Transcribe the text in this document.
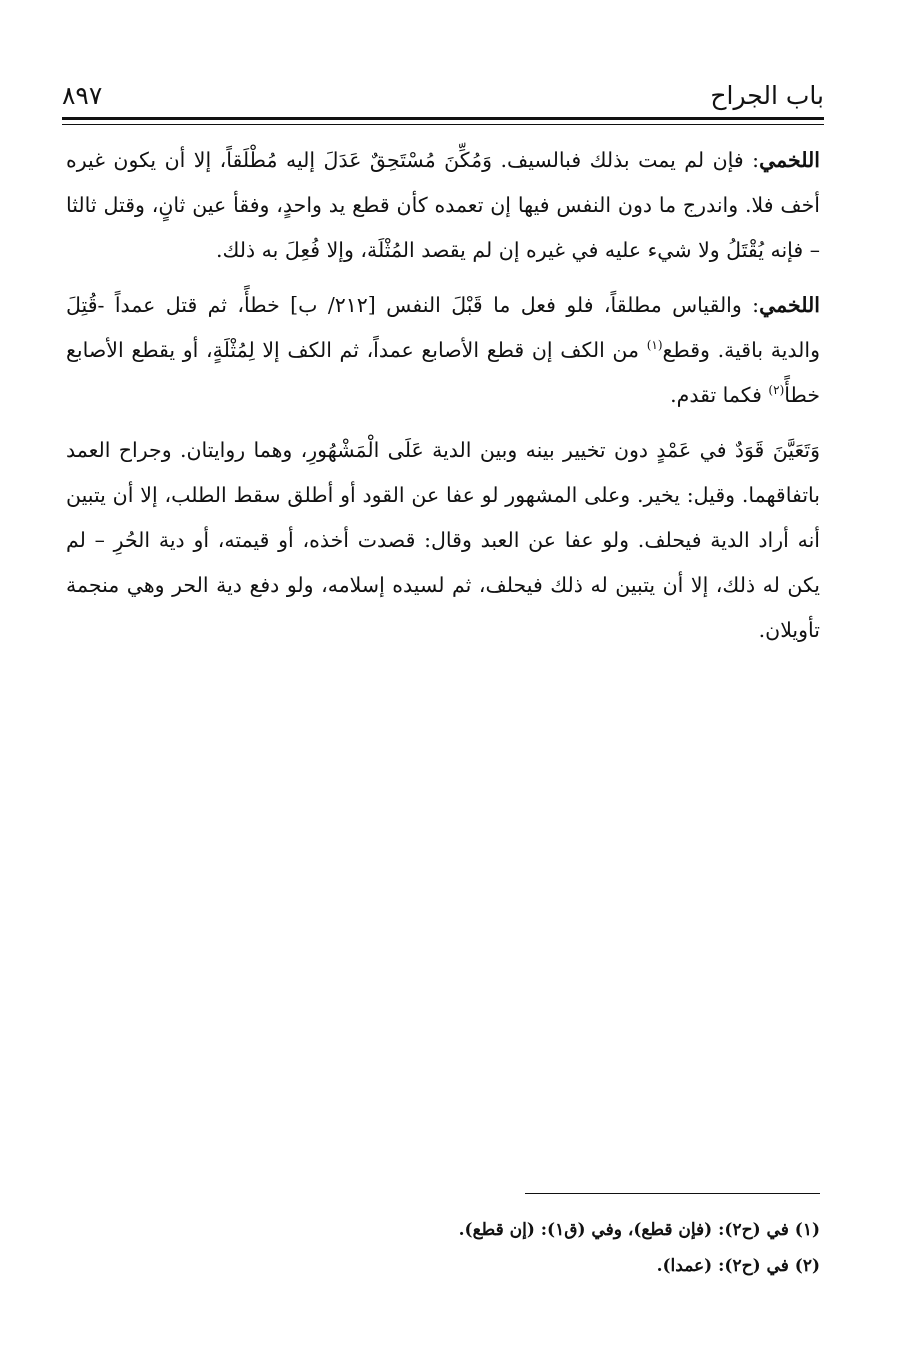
باب الجراح
٨٩٧

اللخمي: فإن لم يمت بذلك فبالسيف. وَمُكِّنَ مُسْتَحِقٌ عَدَلَ إليه مُطْلَقاً، إلا أن يكون غيره أخف فلا. واندرج ما دون النفس فيها إن تعمده كأن قطع يد واحدٍ، وفقأ عين ثانٍ، وقتل ثالثا – فإنه يُقْتَلُ ولا شيء عليه في غيره إن لم يقصد المُثْلَة، وإلا فُعِلَ به ذلك.

اللخمي: والقياس مطلقاً، فلو فعل ما قَبْلَ النفس [٢١٢/ ب] خطأً، ثم قتل عمداً -قُتِلَ والدية باقية. وقطع$^{(١)}$ من الكف إن قطع الأصابع عمداً، ثم الكف إلا لِمُثْلَةٍ، أو يقطع الأصابع خطأً$^{(٢)}$ فكما تقدم.

وَتَعَيَّنَ قَوَدٌ في عَمْدٍ دون تخيير بينه وبين الدية عَلَى الْمَشْهُورِ، وهما روايتان. وجراح العمد باتفاقهما. وقيل: يخير. وعلى المشهور لو عفا عن القود أو أطلق سقط الطلب، إلا أن يتبين أنه أراد الدية فيحلف. ولو عفا عن العبد وقال: قصدت أخذه، أو قيمته، أو دية الحُرِ – لم يكن له ذلك، إلا أن يتبين له ذلك فيحلف، ثم لسيده إسلامه، ولو دفع دية الحر وهي منجمة تأويلان.

(١) في (ح٢): (فإن قطع)، وفي (ق١): (إن قطع).

(٢) في (ح٢): (عمدا).
